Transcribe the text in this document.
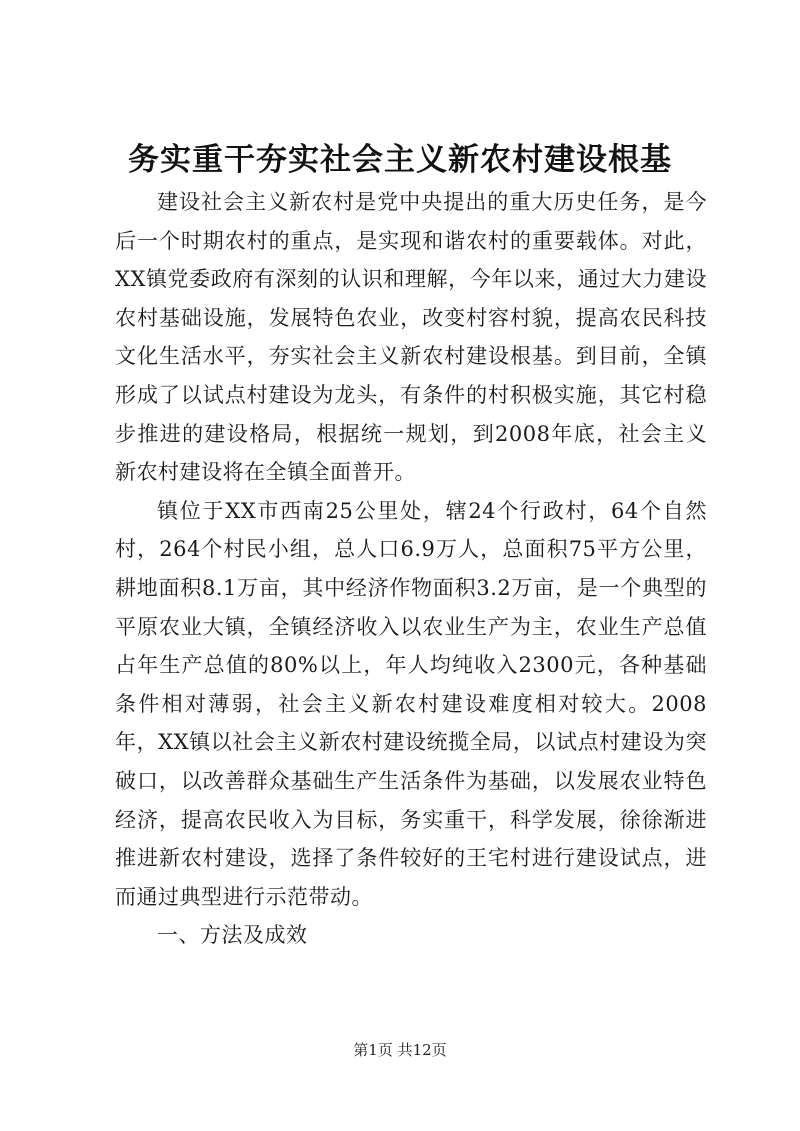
务实重干夯实社会主义新农村建设根基

建设社会主义新农村是党中央提出的重大历史任务，是今后一个时期农村的重点，是实现和谐农村的重要载体。对此，XX镇党委政府有深刻的认识和理解，今年以来，通过大力建设农村基础设施，发展特色农业，改变村容村貌，提高农民科技文化生活水平，夯实社会主义新农村建设根基。到目前，全镇形成了以试点村建设为龙头，有条件的村积极实施，其它村稳步推进的建设格局，根据统一规划，到2008年底，社会主义新农村建设将在全镇全面普开。

镇位于XX市西南25公里处，辖24个行政村，64个自然村，264个村民小组，总人口6.9万人，总面积75平方公里，耕地面积8.1万亩，其中经济作物面积3.2万亩，是一个典型的平原农业大镇，全镇经济收入以农业生产为主，农业生产总值占年生产总值的80%以上，年人均纯收入2300元，各种基础条件相对薄弱，社会主义新农村建设难度相对较大。2008年，XX镇以社会主义新农村建设统揽全局，以试点村建设为突破口，以改善群众基础生产生活条件为基础，以发展农业特色经济，提高农民收入为目标，务实重干，科学发展，徐徐渐进推进新农村建设，选择了条件较好的王宅村进行建设试点，进而通过典型进行示范带动。

一、方法及成效

第1页 共12页
